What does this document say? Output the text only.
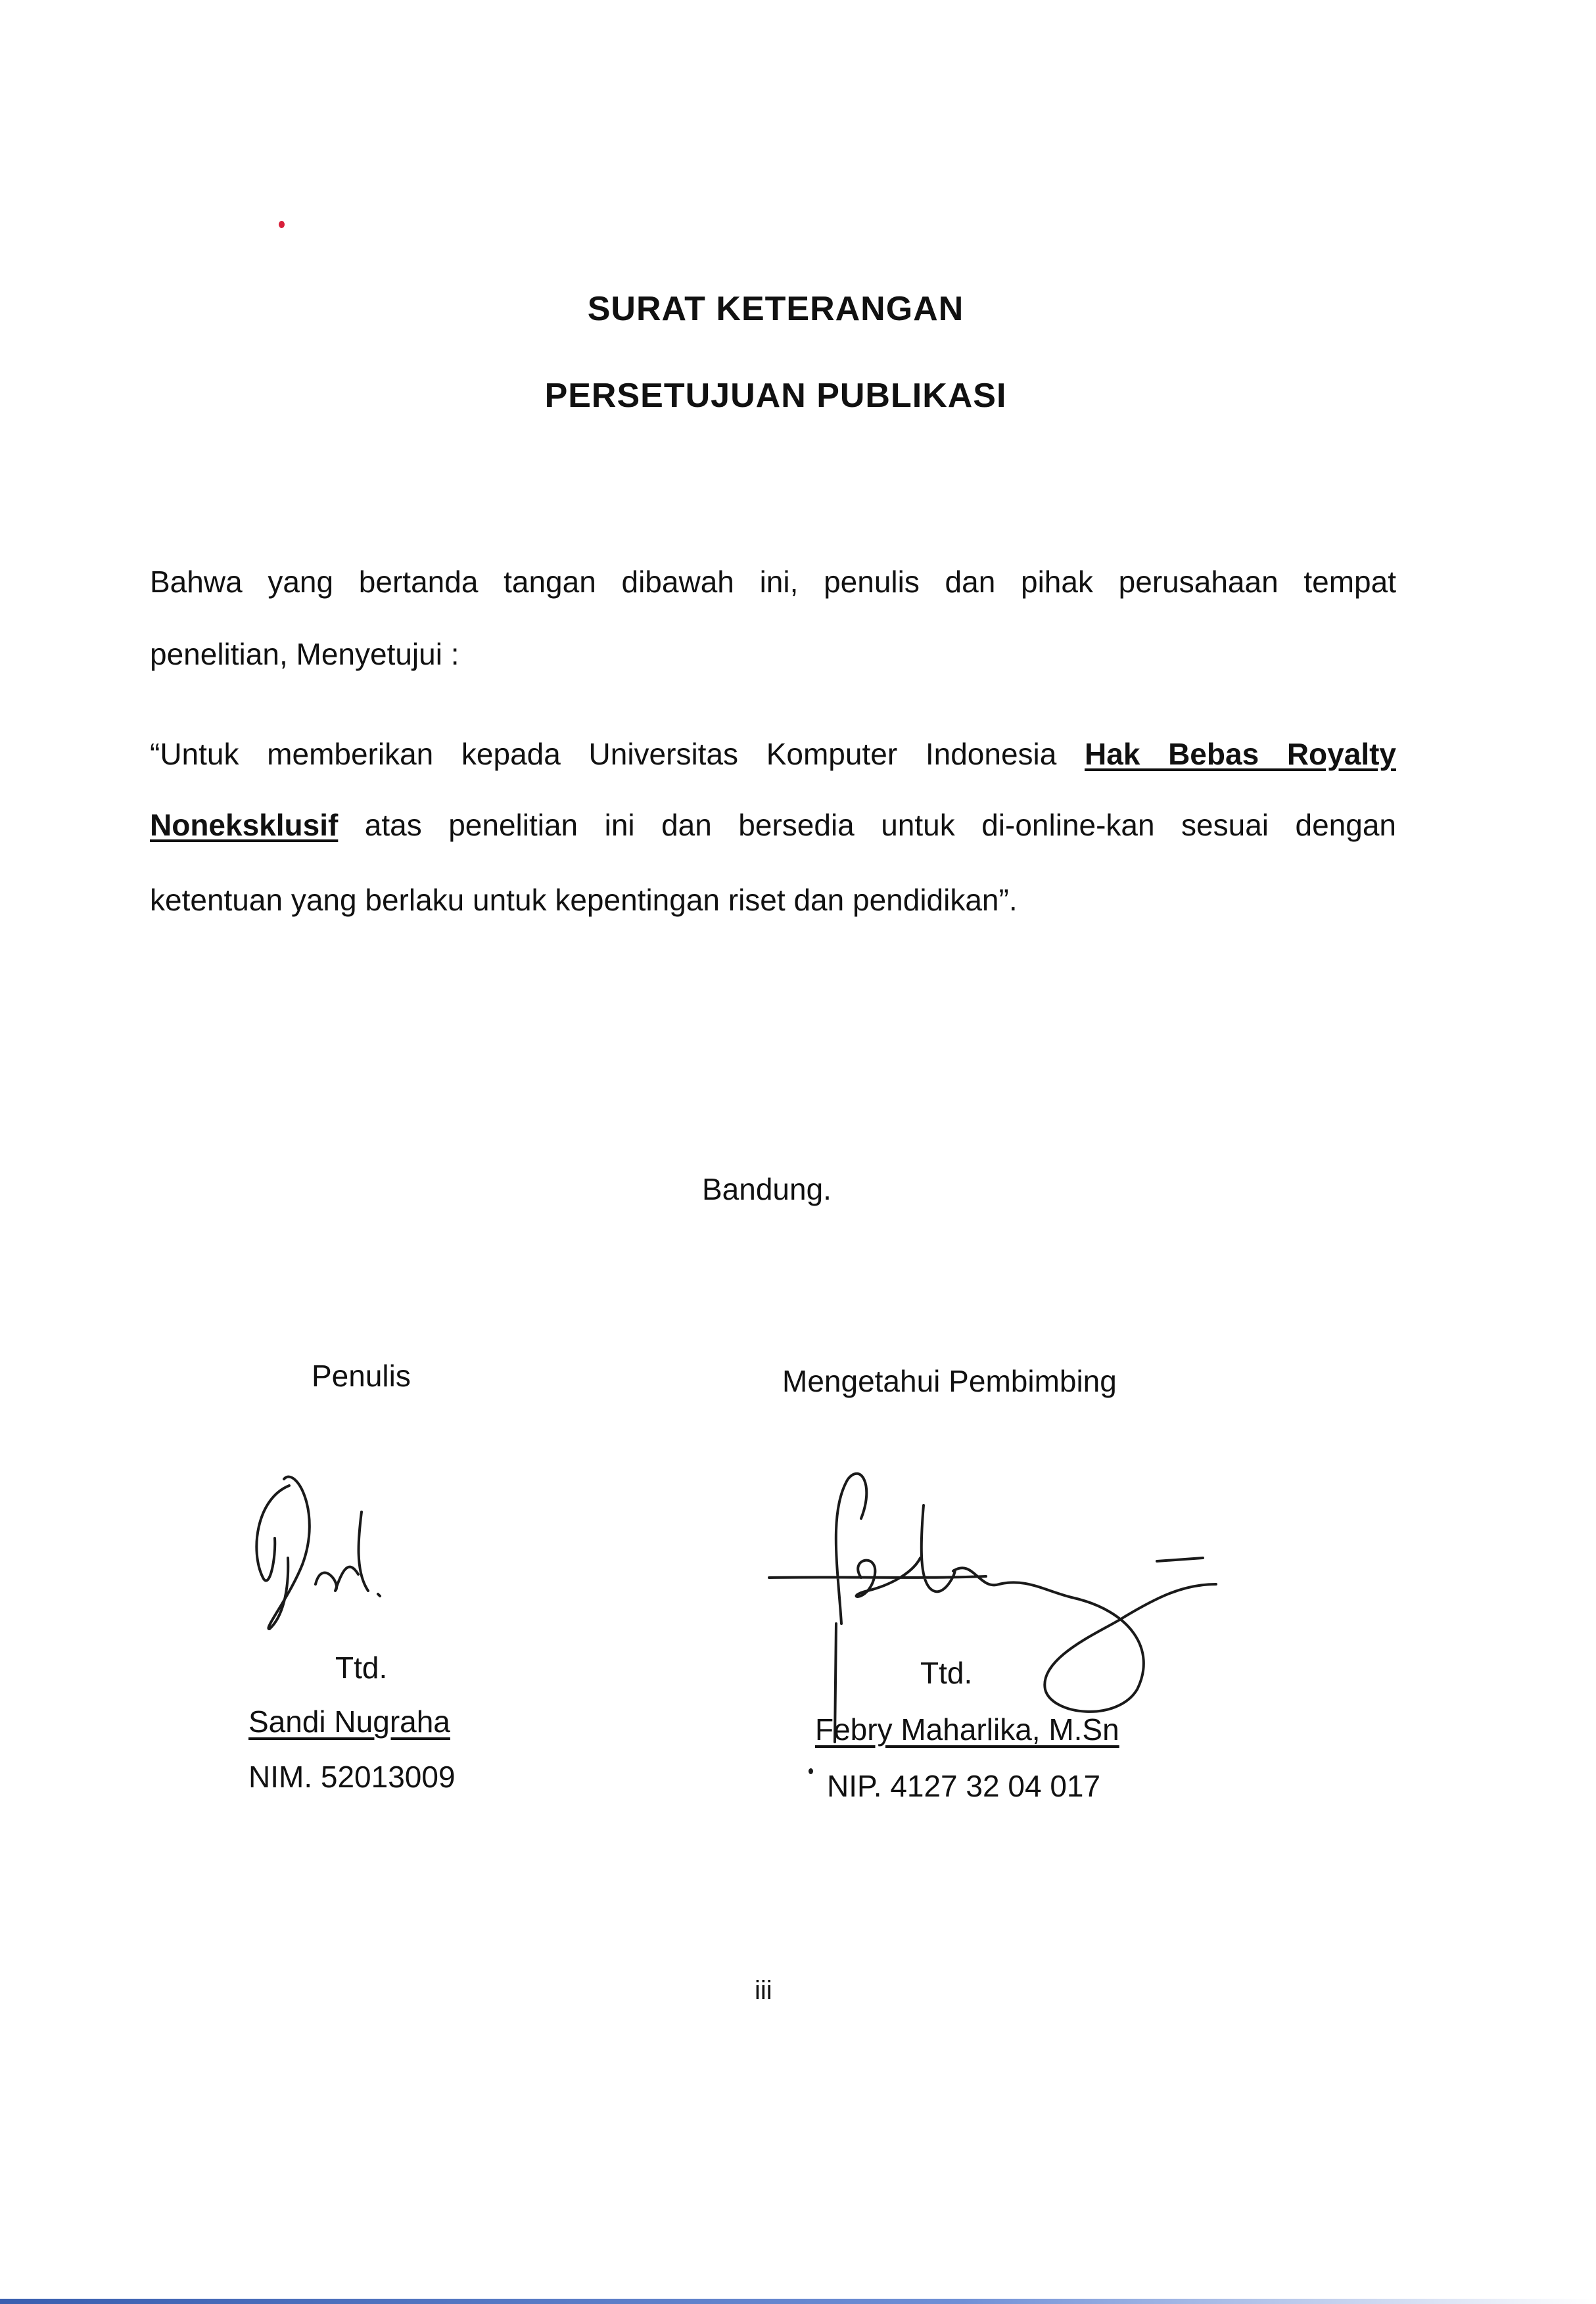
SURAT KETERANGAN
PERSETUJUAN PUBLIKASI

Bahwa yang bertanda tangan dibawah ini, penulis dan pihak perusahaan tempat

penelitian, Menyetujui :

“Untuk memberikan kepada Universitas Komputer Indonesia Hak Bebas Royalty

Noneksklusif atas penelitian ini dan bersedia untuk di-online-kan sesuai dengan

ketentuan yang berlaku untuk kepentingan riset dan pendidikan”.

Bandung.

Penulis	Mengetahui Pembimbing

Ttd.

Sandi Nugraha

NIM. 52013009

Ttd.

Febry Maharlika, M.Sn

NIP. 4127 32 04 017

iii
